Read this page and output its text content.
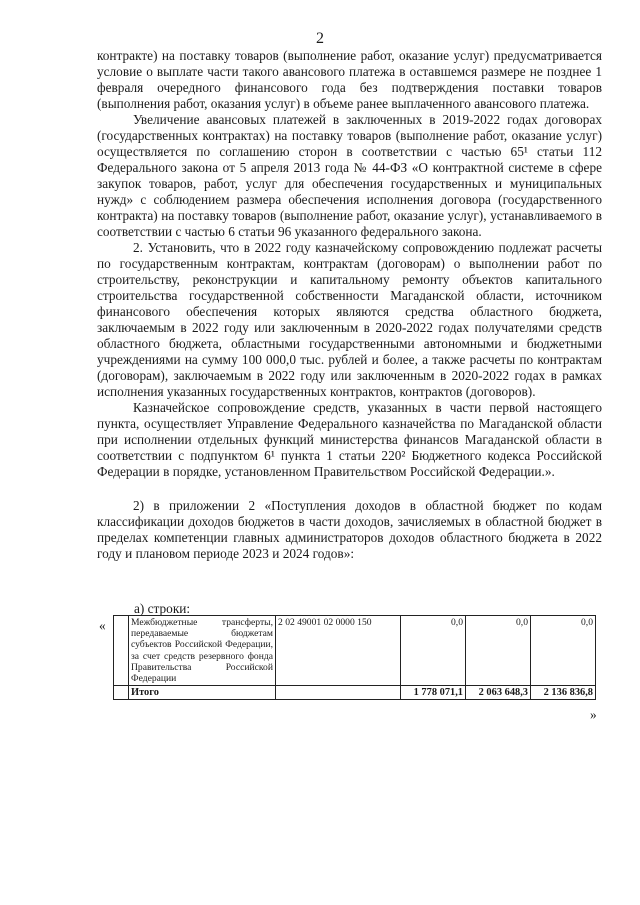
2

контракте) на поставку товаров (выполнение работ, оказание услуг) предусматривается условие о выплате части такого авансового платежа в оставшемся размере не позднее 1 февраля очередного финансового года без подтверждения поставки товаров (выполнения работ, оказания услуг) в объеме ранее выплаченного авансового платежа.

Увеличение авансовых платежей в заключенных в 2019-2022 годах договорах (государственных контрактах) на поставку товаров (выполнение работ, оказание услуг) осуществляется по соглашению сторон в соответствии с частью 65¹ статьи 112 Федерального закона от 5 апреля 2013 года № 44-ФЗ «О контрактной системе в сфере закупок товаров, работ, услуг для обеспечения государственных и муниципальных нужд» с соблюдением размера обеспечения исполнения договора (государственного контракта) на поставку товаров (выполнение работ, оказание услуг), устанавливаемого в соответствии с частью 6 статьи 96 указанного федерального закона.

2. Установить, что в 2022 году казначейскому сопровождению подлежат расчеты по государственным контрактам, контрактам (договорам) о выполнении работ по строительству, реконструкции и капитальному ремонту объектов капитального строительства государственной собственности Магаданской области, источником финансового обеспечения которых являются средства областного бюджета, заключаемым в 2022 году или заключенным в 2020-2022 годах получателями средств областного бюджета, областными государственными автономными и бюджетными учреждениями на сумму 100 000,0 тыс. рублей и более, а также расчеты по контрактам (договорам), заключаемым в 2022 году или заключенным в 2020-2022 годах в рамках исполнения указанных государственных контрактов, контрактов (договоров).

Казначейское сопровождение средств, указанных в части первой настоящего пункта, осуществляет Управление Федерального казначейства по Магаданской области при исполнении отдельных функций министерства финансов Магаданской области в соответствии с подпунктом 6¹ пункта 1 статьи 220² Бюджетного кодекса Российской Федерации в порядке, установленном Правительством Российской Федерации.».

2) в приложении 2 «Поступления доходов в областной бюджет по кодам классификации доходов бюджетов в части доходов, зачисляемых в областной бюджет в пределах компетенции главных администраторов доходов областного бюджета в 2022 году и плановом периоде 2023 и 2024 годов»:

а) строки:
«
		Межбюджетные трансферты, передаваемые бюджетам субъектов Российской Федерации, за счет средств резервного фонда Правительства Российской Федерации	2 02 49001 02 0000 150	0,0	0,0	0,0
	Итого		1 778 071,1	2 063 648,3	2 136 836,8
»
